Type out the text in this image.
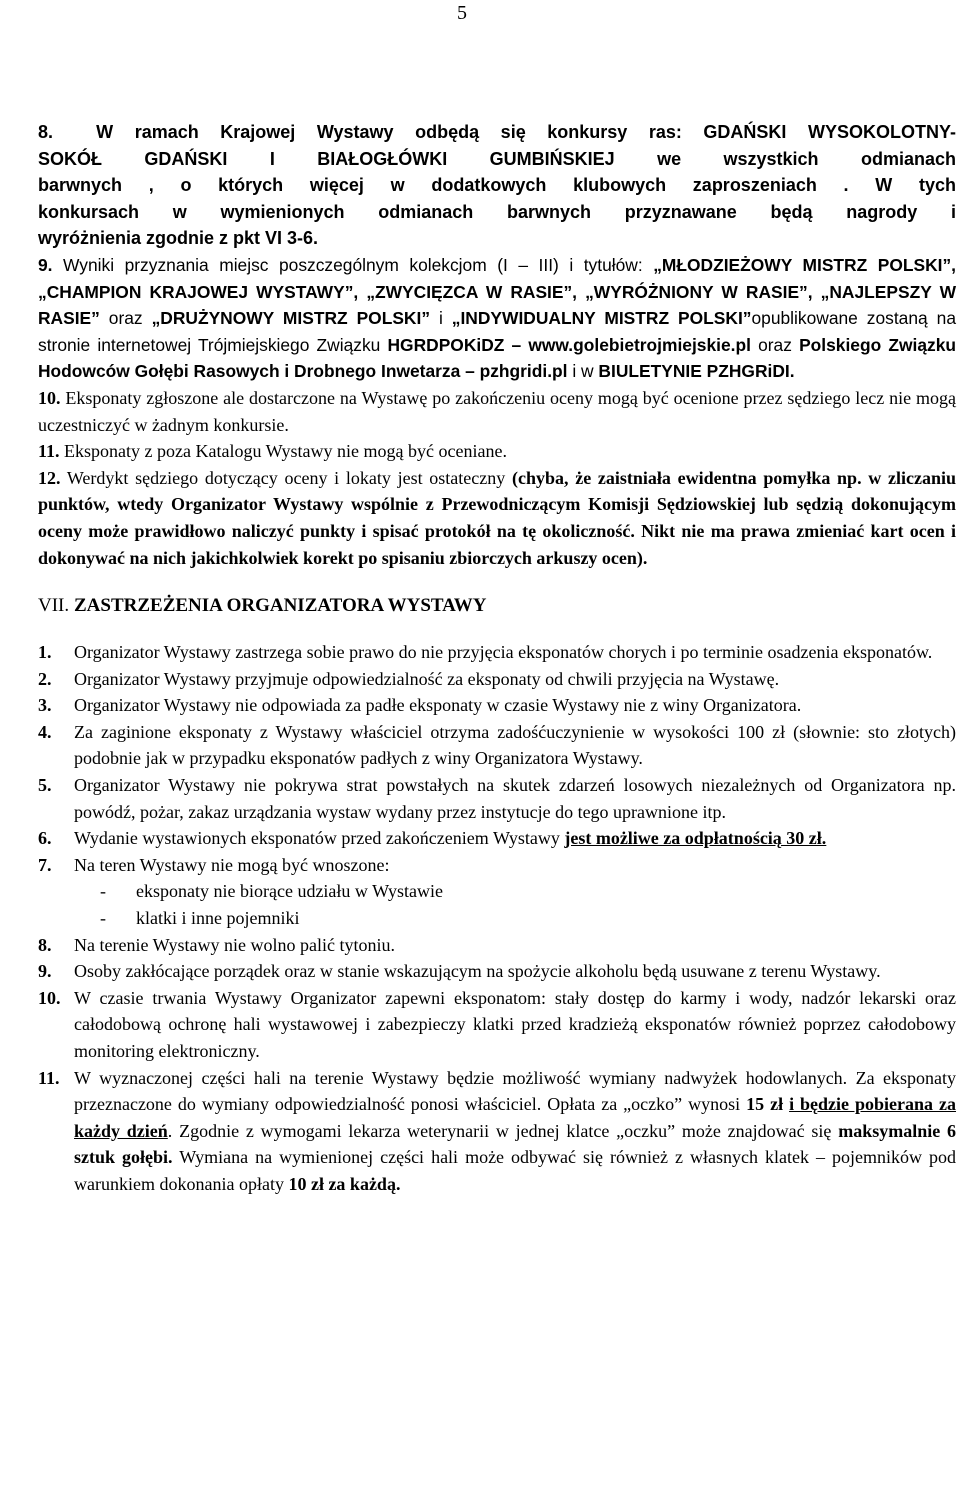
5
8. W ramach Krajowej Wystawy odbędą się konkursy ras: GDAŃSKI WYSOKOLOTNY-
SOKÓŁ GDAŃSKI I BIAŁOGŁÓWKI GUMBIŃSKIEJ we wszystkich odmianach
barwnych , o których więcej w dodatkowych klubowych zaproszeniach . W tych
konkursach w wymienionych odmianach barwnych przyznawane będą nagrody i
wyróżnienia zgodnie z pkt VI 3-6.

9. Wyniki przyznania miejsc poszczególnym kolekcjom (I – III) i tytułów: „MŁODZIEŻOWY MISTRZ POLSKI”, „CHAMPION KRAJOWEJ WYSTAWY”, „ZWYCIĘZCA W RASIE”, „WYRÓŻNIONY W RASIE”, „NAJLEPSZY W RASIE” oraz „DRUŻYNOWY MISTRZ POLSKI” i „INDYWIDUALNY MISTRZ POLSKI”opublikowane zostaną na stronie internetowej Trójmiejskiego Związku HGRDPOKiDZ – www.golebietrojmiejskie.pl oraz Polskiego Związku Hodowców Gołębi Rasowych i Drobnego Inwetarza – pzhgridi.pl i w BIULETYNIE PZHGRiDI.

10. Eksponaty zgłoszone ale dostarczone na Wystawę po zakończeniu oceny mogą być ocenione przez sędziego lecz nie mogą uczestniczyć w żadnym konkursie.

11. Eksponaty z poza Katalogu Wystawy nie mogą być oceniane.

12. Werdykt sędziego dotyczący oceny i lokaty jest ostateczny (chyba, że zaistniała ewidentna pomyłka np. w zliczaniu punktów, wtedy Organizator Wystawy wspólnie z Przewodniczącym Komisji Sędziowskiej lub sędzią dokonującym oceny może prawidłowo naliczyć punkty i spisać protokół na tę okoliczność. Nikt nie ma prawa zmieniać kart ocen i dokonywać na nich jakichkolwiek korekt po spisaniu zbiorczych arkuszy ocen).

VII. ZASTRZEŻENIA ORGANIZATORA WYSTAWY
1.	Organizator Wystawy zastrzega sobie prawo do nie przyjęcia eksponatów chorych i po terminie osadzenia eksponatów.
2.	Organizator Wystawy przyjmuje odpowiedzialność za eksponaty od chwili przyjęcia na Wystawę.
3.	Organizator Wystawy nie odpowiada za padłe eksponaty w czasie Wystawy nie z winy Organizatora.
4.	Za zaginione eksponaty z Wystawy właściciel otrzyma zadośćuczynienie w wysokości 100 zł (słownie: sto złotych) podobnie jak w przypadku eksponatów padłych z winy Organizatora Wystawy.
5.	Organizator Wystawy nie pokrywa strat powstałych na skutek zdarzeń losowych niezależnych od Organizatora np. powódź, pożar, zakaz urządzania wystaw wydany przez instytucje do tego uprawnione itp.
6.	Wydanie wystawionych eksponatów przed zakończeniem Wystawy jest możliwe za odpłatnością 30 zł.
7.	Na teren Wystawy nie mogą być wnoszone:
-	eksponaty nie biorące udziału w Wystawie
-	klatki i inne pojemniki
8.	Na terenie Wystawy nie wolno palić tytoniu.
9.	Osoby zakłócające porządek oraz w stanie wskazującym na spożycie alkoholu będą usuwane z terenu Wystawy.
10. W czasie trwania Wystawy Organizator zapewni eksponatom: stały dostęp do karmy i wody, nadzór lekarski oraz całodobową ochronę hali wystawowej i zabezpieczy klatki przed kradzieżą eksponatów również poprzez całodobowy monitoring elektroniczny.
11. W wyznaczonej części hali na terenie Wystawy będzie możliwość wymiany nadwyżek hodowlanych. Za eksponaty przeznaczone do wymiany odpowiedzialność ponosi właściciel. Opłata za „oczko” wynosi 15 zł i będzie pobierana za każdy dzień. Zgodnie z wymogami lekarza weterynarii w jednej klatce „oczku” może znajdować się maksymalnie 6 sztuk gołębi. Wymiana na wymienionej części hali może odbywać się również z własnych klatek – pojemników pod warunkiem dokonania opłaty 10 zł za każdą.
